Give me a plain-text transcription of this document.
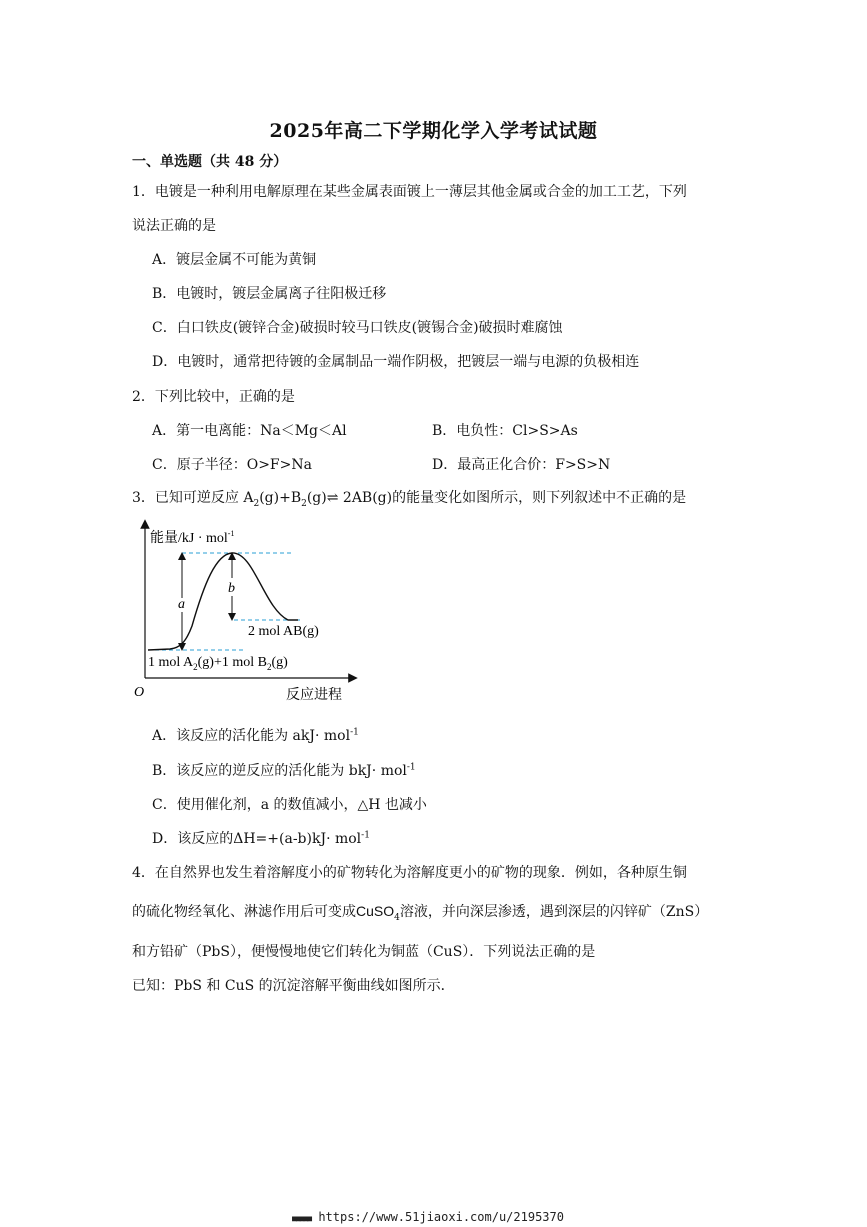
2025年高二下学期化学入学考试试题
一、单选题（共 48 分）
1．电镀是一种利用电解原理在某些金属表面镀上一薄层其他金属或合金的加工工艺，下列
说法正确的是
A．镀层金属不可能为黄铜
B．电镀时，镀层金属离子往阳极迁移
C．白口铁皮(镀锌合金)破损时较马口铁皮(镀锡合金)破损时难腐蚀
D．电镀时，通常把待镀的金属制品一端作阴极，把镀层一端与电源的负极相连
2．下列比较中，正确的是
A．第一电离能：Na＜Mg＜Al	B．电负性：Cl>S>As
C．原子半径：O>F>Na	D．最高正化合价：F>S>N
3．已知可逆反应 $A_2(g)+B_2(g)\rightleftharpoons$ 2AB(g)的能量变化如图所示，则下列叙述中不正确的是
能量/kJ · mol$^{-1}$
O	反应进程
a
b
2 mol AB(g)
1 mol $A_2(g)+1$ mol $B_2(g)$
A．该反应的活化能为 akJ· mol$^{-1}$
B．该反应的逆反应的活化能为 bkJ· mol$^{-1}$
C．使用催化剂，a 的数值减小，△H 也减小
D．该反应的ΔH=+(a-b)kJ· mol$^{-1}$
4．在自然界也发生着溶解度小的矿物转化为溶解度更小的矿物的现象．例如，各种原生铜
的硫化物经氧化、淋滤作用后可变成CuSO$_4$溶液，并向深层渗透，遇到深层的闪锌矿（ZnS）
和方铅矿（PbS），便慢慢地使它们转化为铜蓝（CuS）．下列说法正确的是
已知：PbS 和 CuS 的沉淀溶解平衡曲线如图所示．
■■■■■ https://www.51jiaoxi.com/u/2195370
